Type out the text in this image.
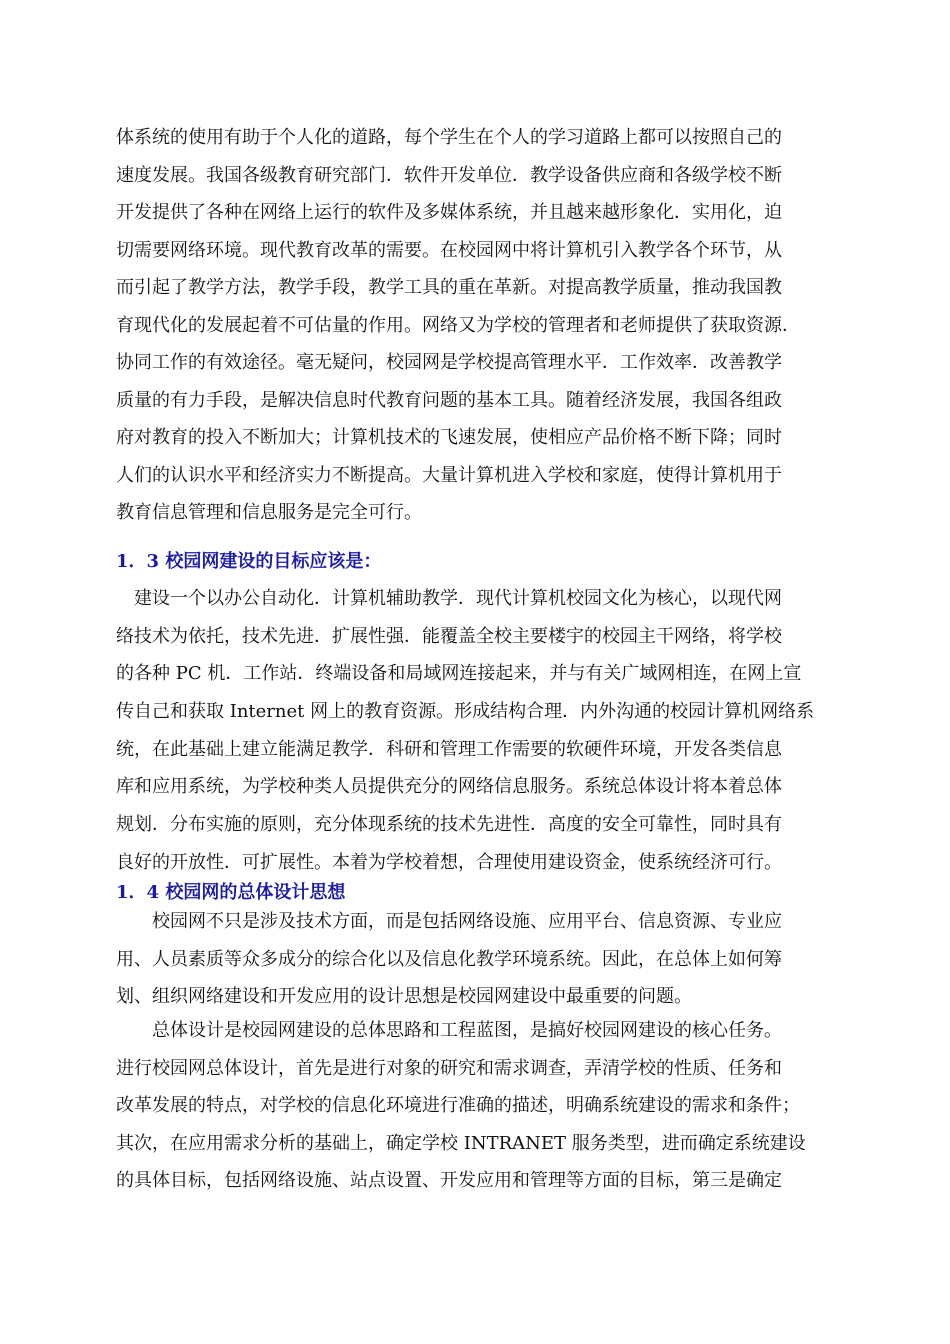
体系统的使用有助于个人化的道路，每个学生在个人的学习道路上都可以按照自己的
速度发展。我国各级教育研究部门．软件开发单位．教学设备供应商和各级学校不断
开发提供了各种在网络上运行的软件及多媒体系统，并且越来越形象化．实用化，迫
切需要网络环境。现代教育改革的需要。在校园网中将计算机引入教学各个环节，从
而引起了教学方法，教学手段，教学工具的重在革新。对提高教学质量，推动我国教
育现代化的发展起着不可估量的作用。网络又为学校的管理者和老师提供了获取资源．
协同工作的有效途径。毫无疑问，校园网是学校提高管理水平．工作效率．改善教学
质量的有力手段，是解决信息时代教育问题的基本工具。随着经济发展，我国各组政
府对教育的投入不断加大；计算机技术的飞速发展，使相应产品价格不断下降；同时
人们的认识水平和经济实力不断提高。大量计算机进入学校和家庭，使得计算机用于
教育信息管理和信息服务是完全可行。
1．3 校园网建设的目标应该是：
　建设一个以办公自动化．计算机辅助教学．现代计算机校园文化为核心，以现代网
络技术为依托，技术先进．扩展性强．能覆盖全校主要楼宇的校园主干网络，将学校
的各种 PC 机．工作站．终端设备和局域网连接起来，并与有关广域网相连，在网上宣
传自己和获取 Internet 网上的教育资源。形成结构合理．内外沟通的校园计算机网络系
统，在此基础上建立能满足教学．科研和管理工作需要的软硬件环境，开发各类信息
库和应用系统，为学校种类人员提供充分的网络信息服务。系统总体设计将本着总体
规划．分布实施的原则，充分体现系统的技术先进性．高度的安全可靠性，同时具有
良好的开放性．可扩展性。本着为学校着想，合理使用建设资金，使系统经济可行。
1．4 校园网的总体设计思想
　　校园网不只是涉及技术方面，而是包括网络设施、应用平台、信息资源、专业应
用、人员素质等众多成分的综合化以及信息化教学环境系统。因此，在总体上如何筹
划、组织网络建设和开发应用的设计思想是校园网建设中最重要的问题。
　　总体设计是校园网建设的总体思路和工程蓝图，是搞好校园网建设的核心任务。
进行校园网总体设计，首先是进行对象的研究和需求调查，弄清学校的性质、任务和
改革发展的特点，对学校的信息化环境进行准确的描述，明确系统建设的需求和条件；
其次，在应用需求分析的基础上，确定学校 INTRANET 服务类型，进而确定系统建设
的具体目标，包括网络设施、站点设置、开发应用和管理等方面的目标，第三是确定
